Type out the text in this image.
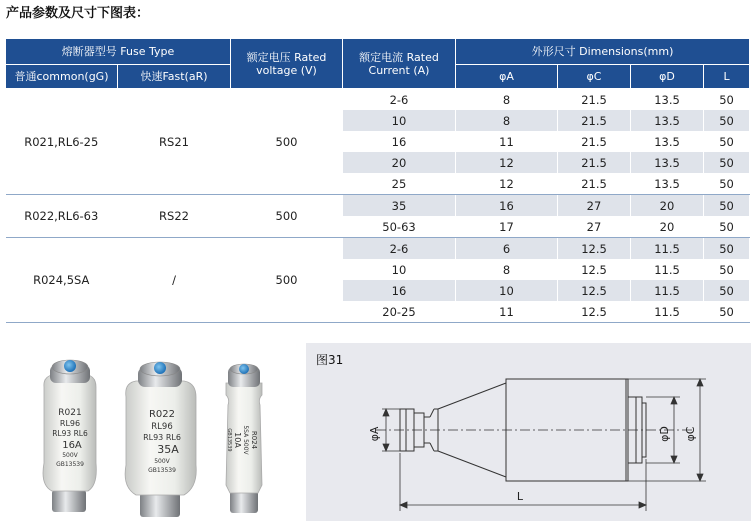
产品参数及尺寸下图表：
熔断器型号 Fuse Type		额定电压 Rated voltage (V)	额定电流 Rated Current (A)	外形尺寸 Dimensions(mm)			
普通common(gG)	快速Fast(aR)			φA	φC	φD	L
R021,RL6-25	RS21	500	2-6	8	21.5	13.5	50
			10	8	21.5	13.5	50
			16	11	21.5	13.5	50
			20	12	21.5	13.5	50
			25	12	21.5	13.5	50
R022,RL6-63	RS22	500	35	16	27	20	50
			50-63	17	27	20	50
R024,5SA	/	500	2-6	6	12.5	11.5	50
			10	8	12.5	11.5	50
			16	10	12.5	11.5	50
			20-25	11	12.5	11.5	50
R021
RL96
RL93 RL6
16A
500V
GB13539
R022
RL96
RL93 RL6
35A
500V
GB13539
R024
5SA 500V
10A
GB13539
图31
φA	φD φC
L
